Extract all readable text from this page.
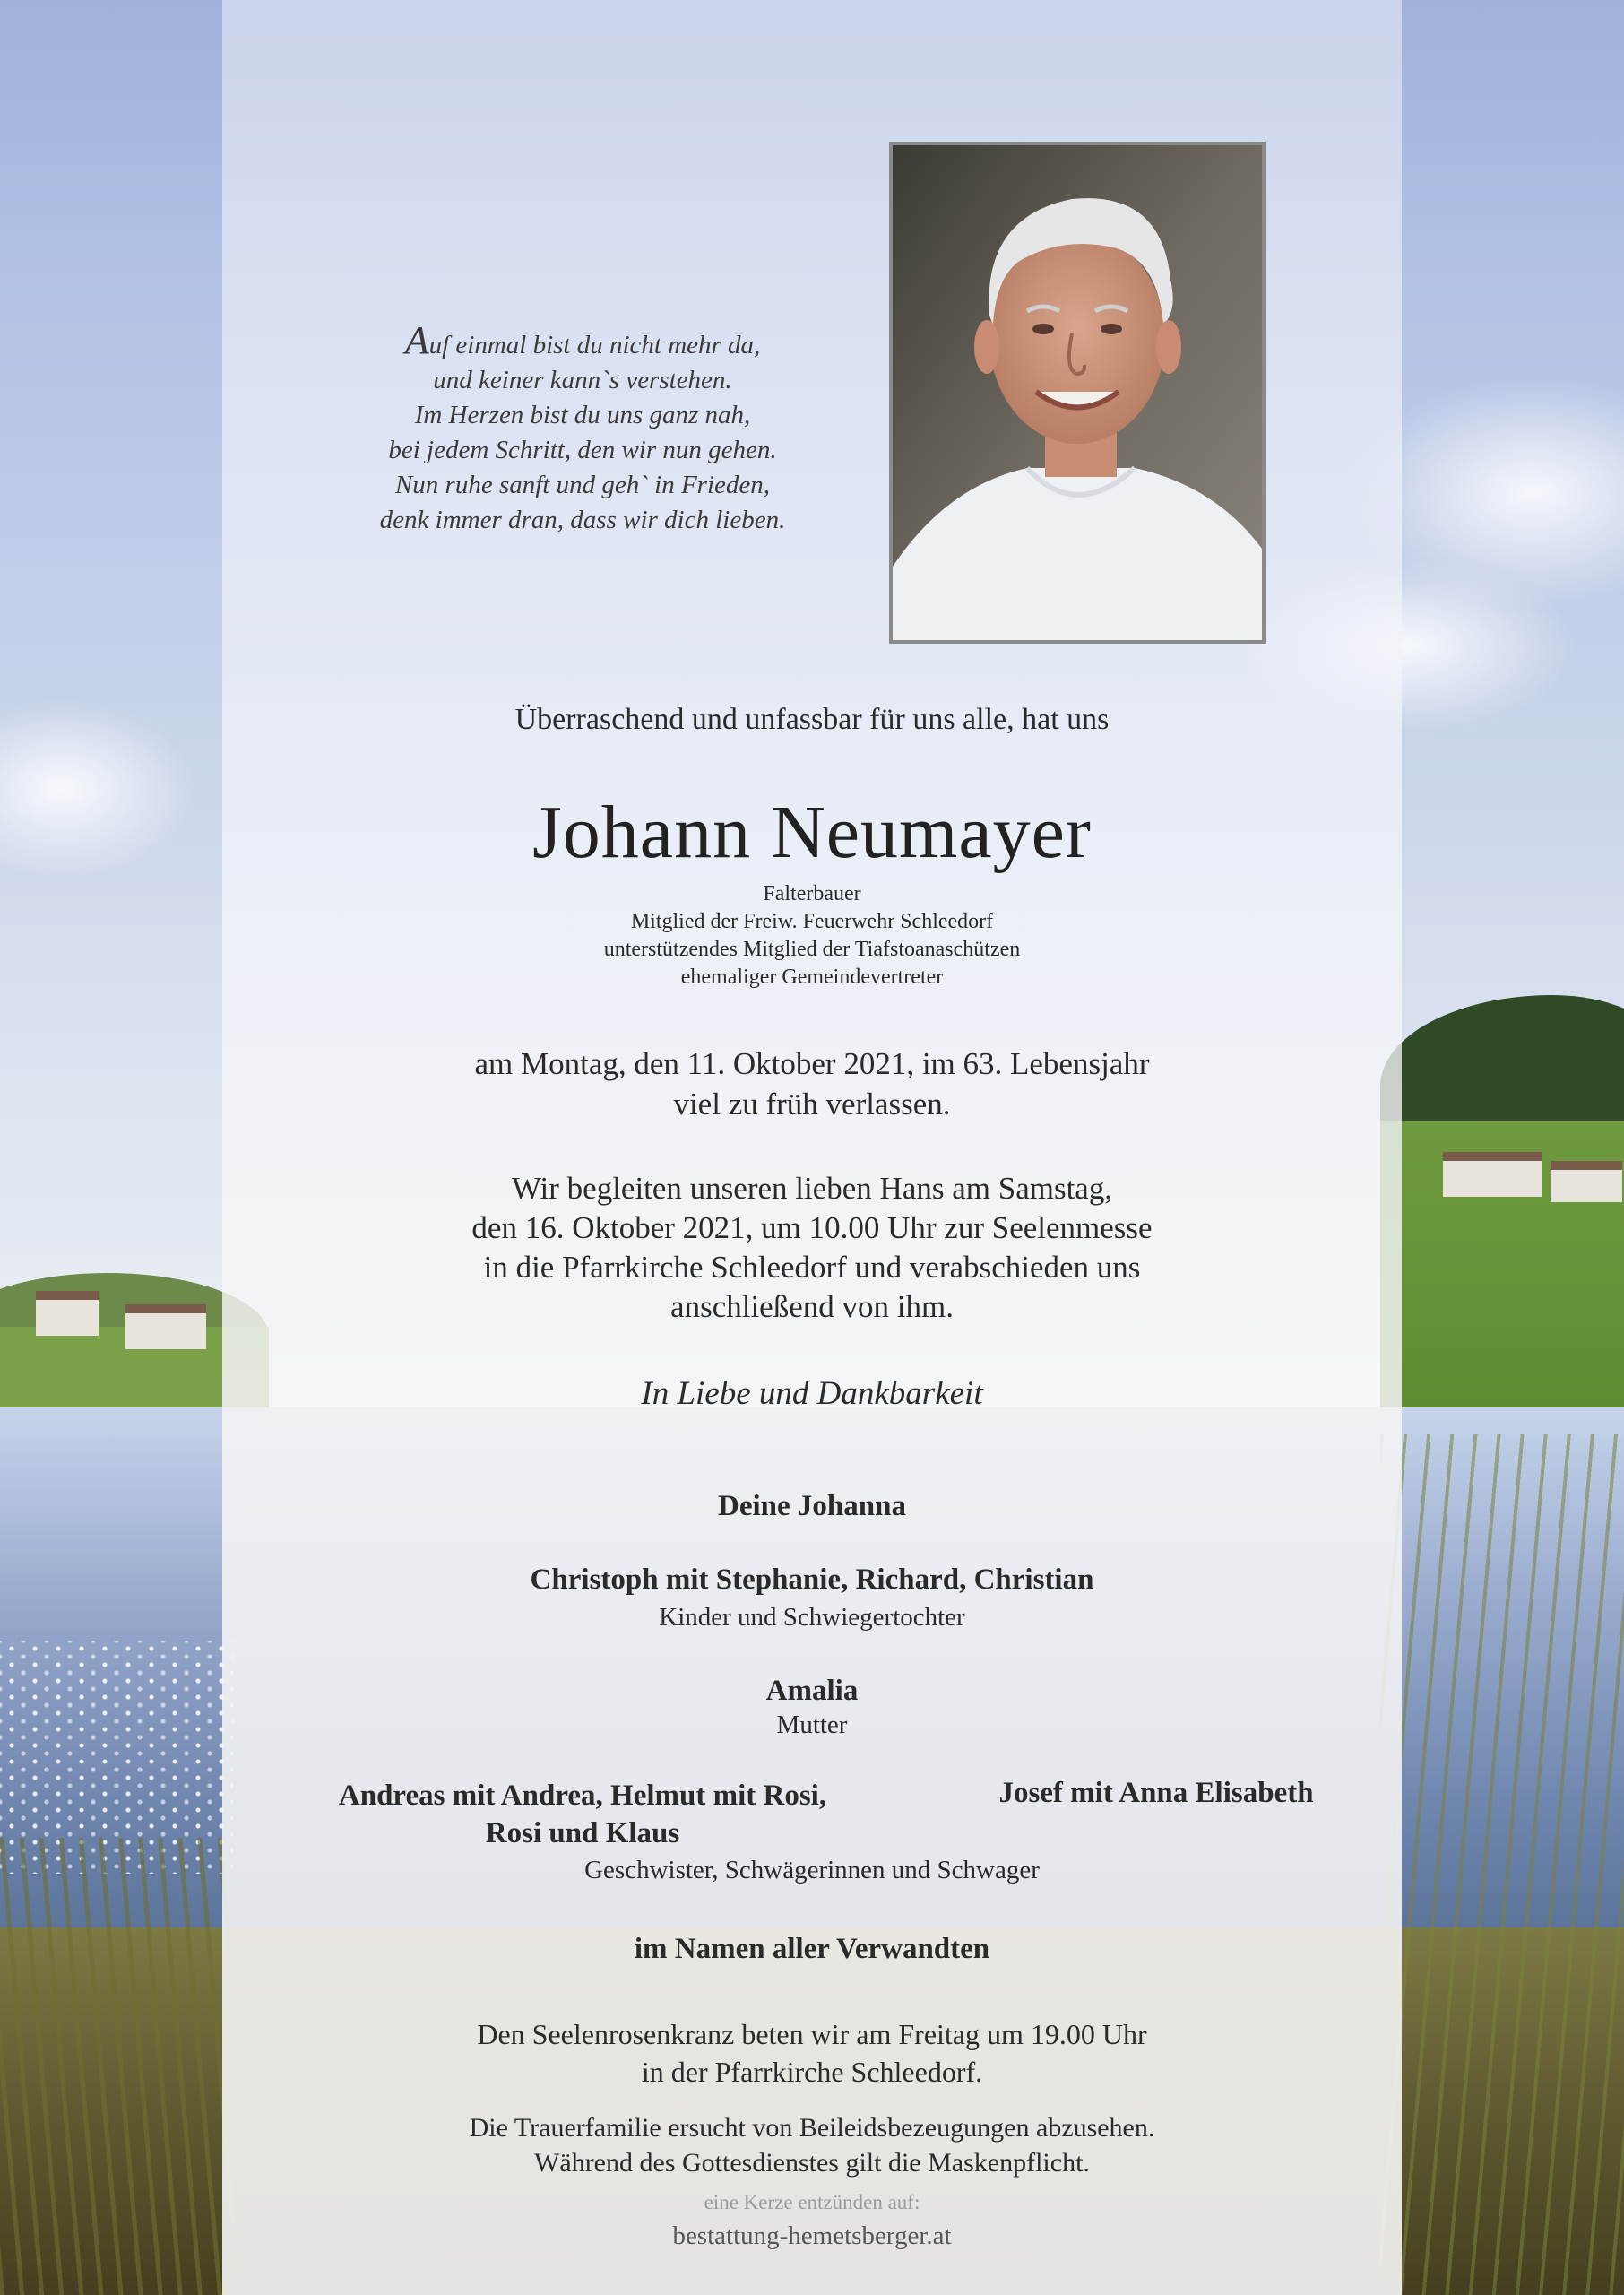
Auf einmal bist du nicht mehr da,

und keiner kann`s verstehen.

Im Herzen bist du uns ganz nah,

bei jedem Schritt, den wir nun gehen.

Nun ruhe sanft und geh` in Frieden,

denk immer dran, dass wir dich lieben.

Überraschend und unfassbar für uns alle, hat uns
Johann Neumayer
Falterbauer
Mitglied der Freiw. Feuerwehr Schleedorf
unterstützendes Mitglied der Tiafstoanaschützen
ehemaliger Gemeindevertreter
am Montag, den 11. Oktober 2021, im 63. Lebensjahr
viel zu früh verlassen.
Wir begleiten unseren lieben Hans am Samstag,
den 16. Oktober 2021, um 10.00 Uhr zur Seelenmesse
in die Pfarrkirche Schleedorf und verabschieden uns
anschließend von ihm.
In Liebe und Dankbarkeit
Deine Johanna
Christoph mit Stephanie, Richard, Christian
Kinder und Schwiegertochter
Amalia
Mutter
Andreas mit Andrea, Helmut mit Rosi,
Rosi und Klaus
Josef mit Anna Elisabeth
Geschwister, Schwägerinnen und Schwager
im Namen aller Verwandten
Den Seelenrosenkranz beten wir am Freitag um 19.00 Uhr
in der Pfarrkirche Schleedorf.
Die Trauerfamilie ersucht von Beileidsbezeugungen abzusehen.
Während des Gottesdienstes gilt die Maskenpflicht.
eine Kerze entzünden auf:
bestattung-hemetsberger.at
